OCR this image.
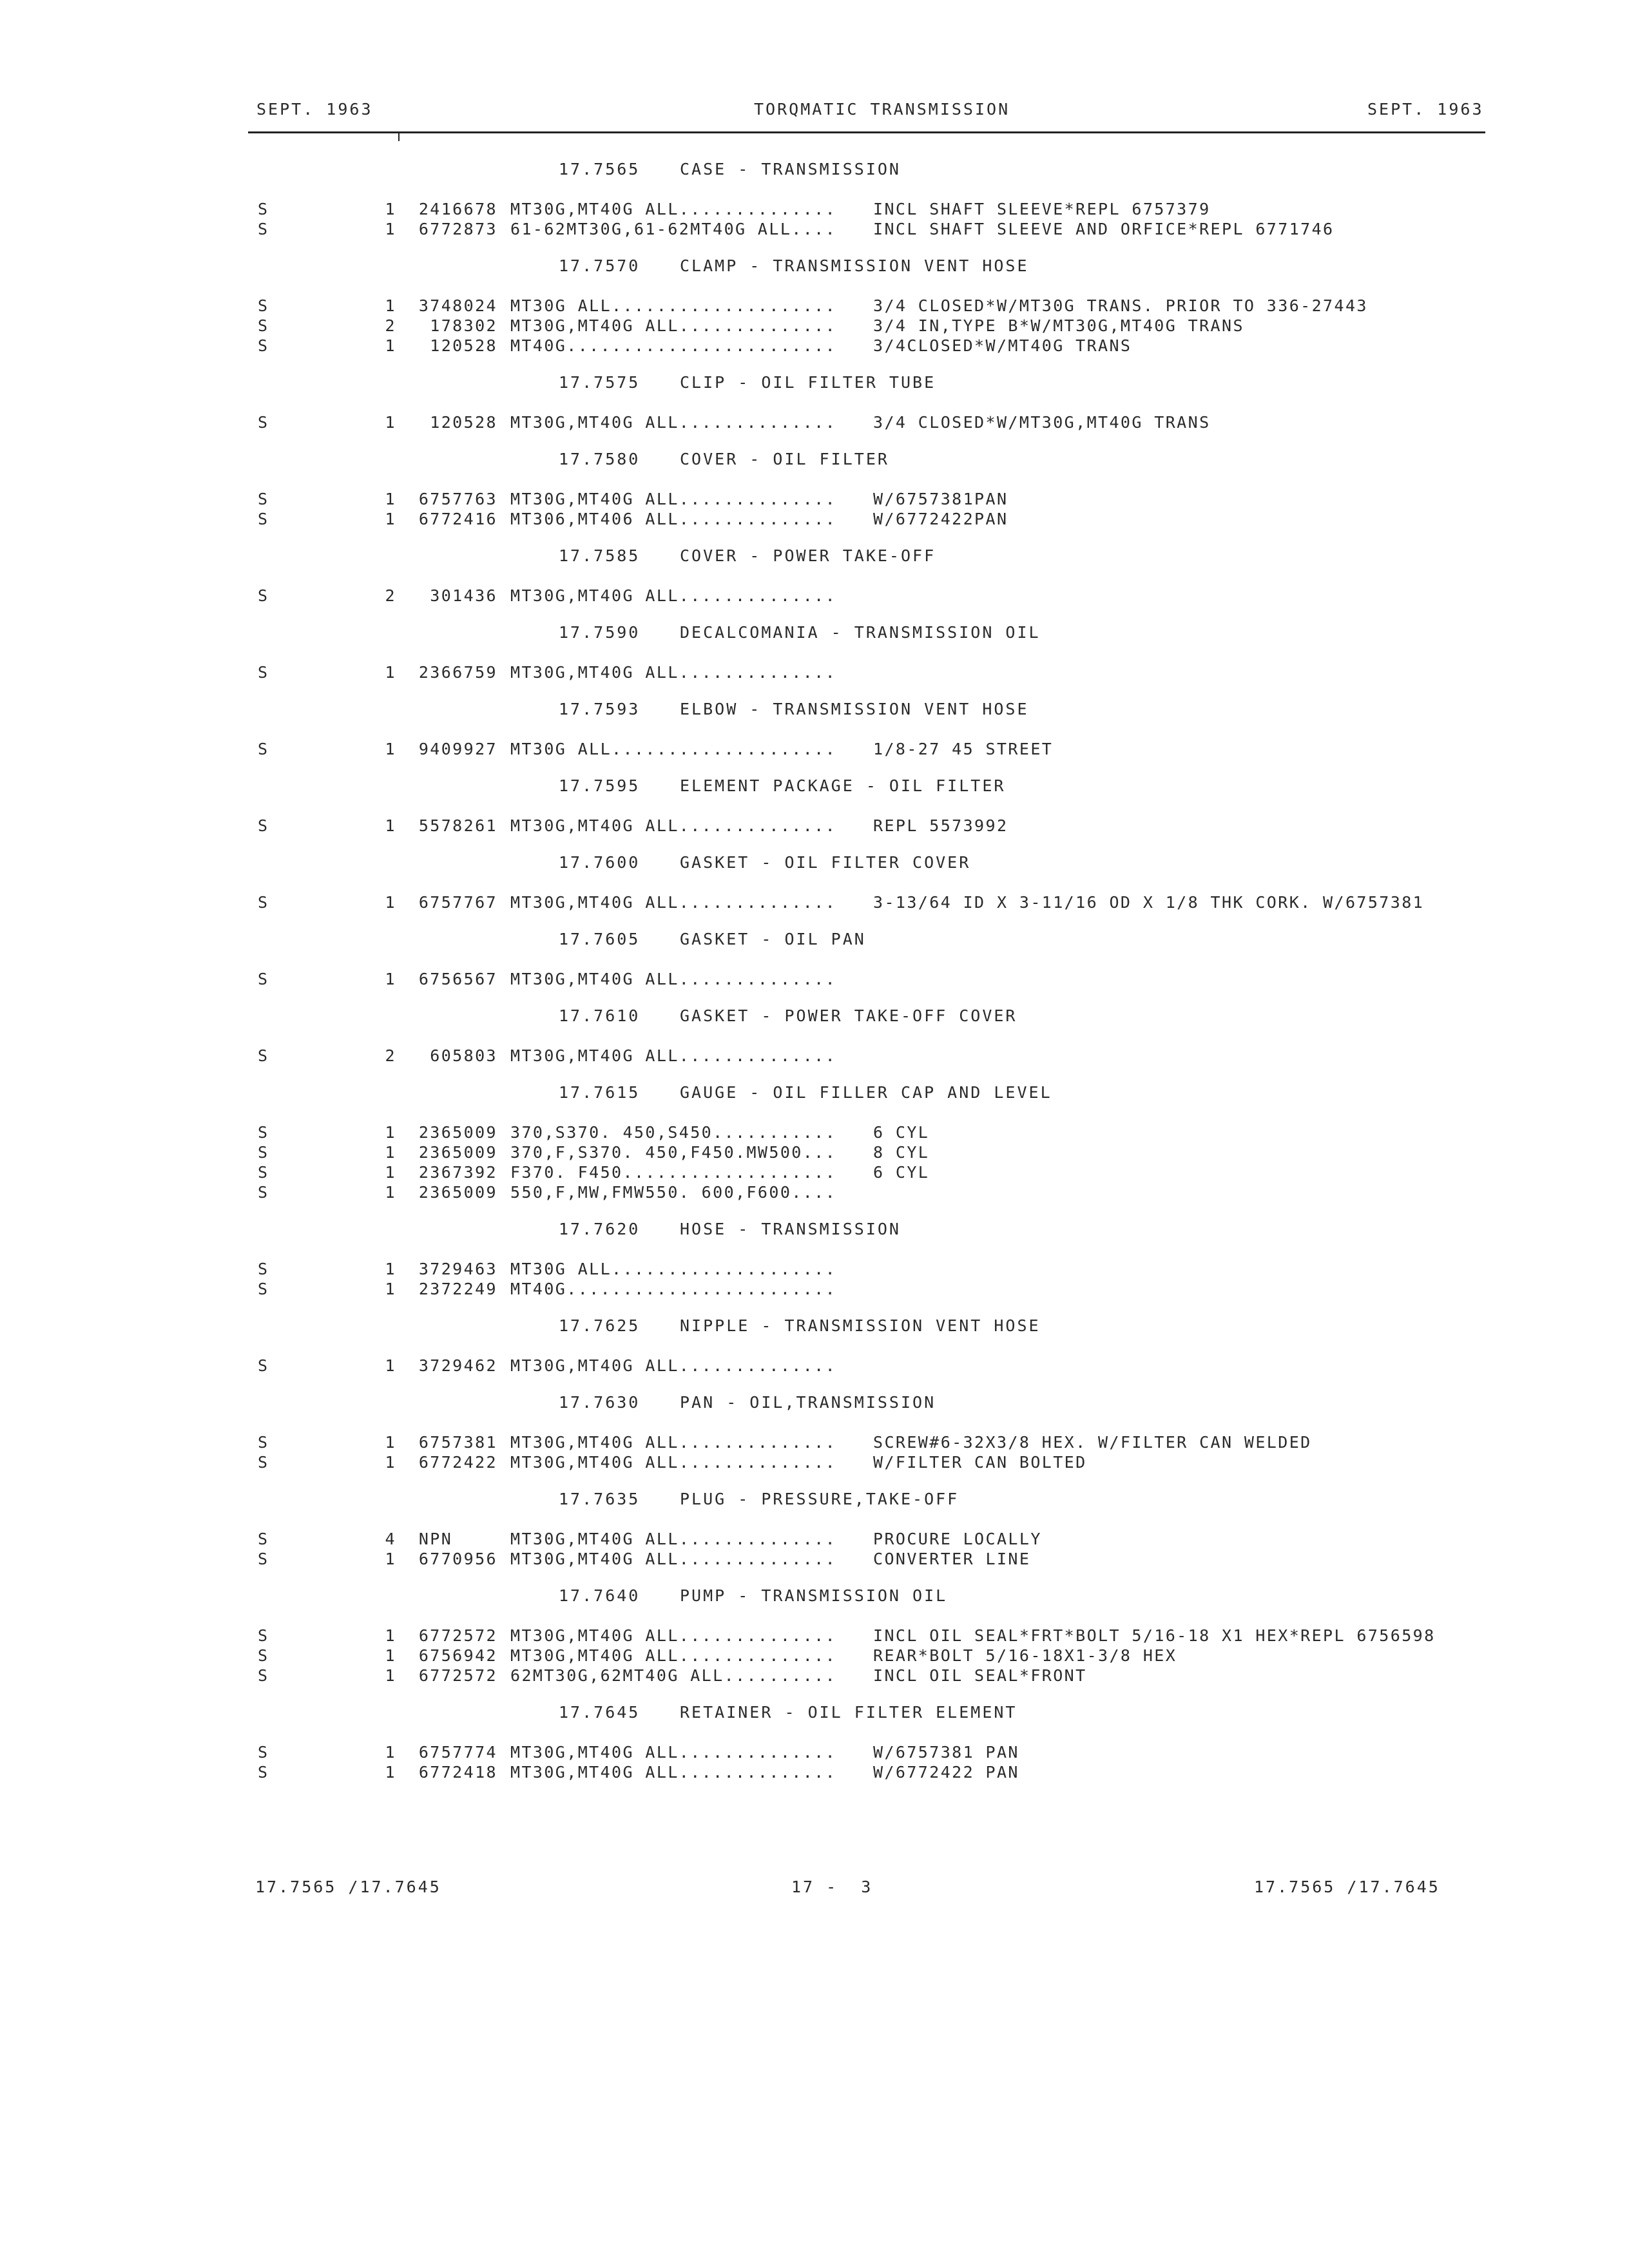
SEPT. 1963	TORQMATIC TRANSMISSION	SEPT. 1963
17.7565 CASE - TRANSMISSION
S	1	2416678 MT30G,MT40G ALL.............. INCL SHAFT SLEEVE*REPL 6757379
S	1	6772873 61-62MT30G,61-62MT40G ALL.... INCL SHAFT SLEEVE AND ORFICE*REPL 6771746
17.7570 CLAMP - TRANSMISSION VENT HOSE
S	1	3748024 MT30G ALL.................... 3/4 CLOSED*W/MT30G TRANS. PRIOR TO 336-27443
S	2	178302 MT30G,MT40G ALL.............. 3/4 IN,TYPE B*W/MT30G,MT40G TRANS
S	1	120528 MT40G........................ 3/4CLOSED*W/MT40G TRANS
17.7575 CLIP - OIL FILTER TUBE
S	1	120528 MT30G,MT40G ALL.............. 3/4 CLOSED*W/MT30G,MT40G TRANS
17.7580 COVER - OIL FILTER
S	1	6757763 MT30G,MT40G ALL.............. W/6757381PAN
S	1	6772416 MT306,MT406 ALL.............. W/6772422PAN
17.7585 COVER - POWER TAKE-OFF
S	2	301436 MT30G,MT40G ALL..............
17.7590 DECALCOMANIA - TRANSMISSION OIL
S	1	2366759 MT30G,MT40G ALL..............
17.7593 ELBOW - TRANSMISSION VENT HOSE
S	1	9409927 MT30G ALL.................... 1/8-27 45 STREET
17.7595 ELEMENT PACKAGE - OIL FILTER
S	1	5578261 MT30G,MT40G ALL.............. REPL 5573992
17.7600 GASKET - OIL FILTER COVER
S	1	6757767 MT30G,MT40G ALL.............. 3-13/64 ID X 3-11/16 OD X 1/8 THK CORK. W/6757381
17.7605 GASKET - OIL PAN
S	1	6756567 MT30G,MT40G ALL..............
17.7610 GASKET - POWER TAKE-OFF COVER
S	2	605803 MT30G,MT40G ALL..............
17.7615 GAUGE - OIL FILLER CAP AND LEVEL
S	1	2365009 370,S370. 450,S450........... 6 CYL
S	1	2365009 370,F,S370. 450,F450.MW500... 8 CYL
S	1	2367392 F370. F450................... 6 CYL
S	1	2365009 550,F,MW,FMW550. 600,F600....
17.7620 HOSE - TRANSMISSION
S	1	3729463 MT30G ALL....................
S	1	2372249 MT40G........................
17.7625 NIPPLE - TRANSMISSION VENT HOSE
S	1	3729462 MT30G,MT40G ALL..............
17.7630 PAN - OIL,TRANSMISSION
S	1	6757381 MT30G,MT40G ALL.............. SCREW#6-32X3/8 HEX. W/FILTER CAN WELDED
S	1	6772422 MT30G,MT40G ALL.............. W/FILTER CAN BOLTED
17.7635 PLUG - PRESSURE,TAKE-OFF
S	4	NPN MT30G,MT40G ALL.............. PROCURE LOCALLY
S	1	6770956 MT30G,MT40G ALL.............. CONVERTER LINE
17.7640 PUMP - TRANSMISSION OIL
S	1	6772572 MT30G,MT40G ALL.............. INCL OIL SEAL*FRT*BOLT 5/16-18 X1 HEX*REPL 6756598
S	1	6756942 MT30G,MT40G ALL.............. REAR*BOLT 5/16-18X1-3/8 HEX
S	1	6772572 62MT30G,62MT40G ALL.......... INCL OIL SEAL*FRONT
17.7645 RETAINER - OIL FILTER ELEMENT
S	1	6757774 MT30G,MT40G ALL.............. W/6757381 PAN
S	1	6772418 MT30G,MT40G ALL.............. W/6772422 PAN
17.7565 /17.7645	17 -  3	17.7565 /17.7645
